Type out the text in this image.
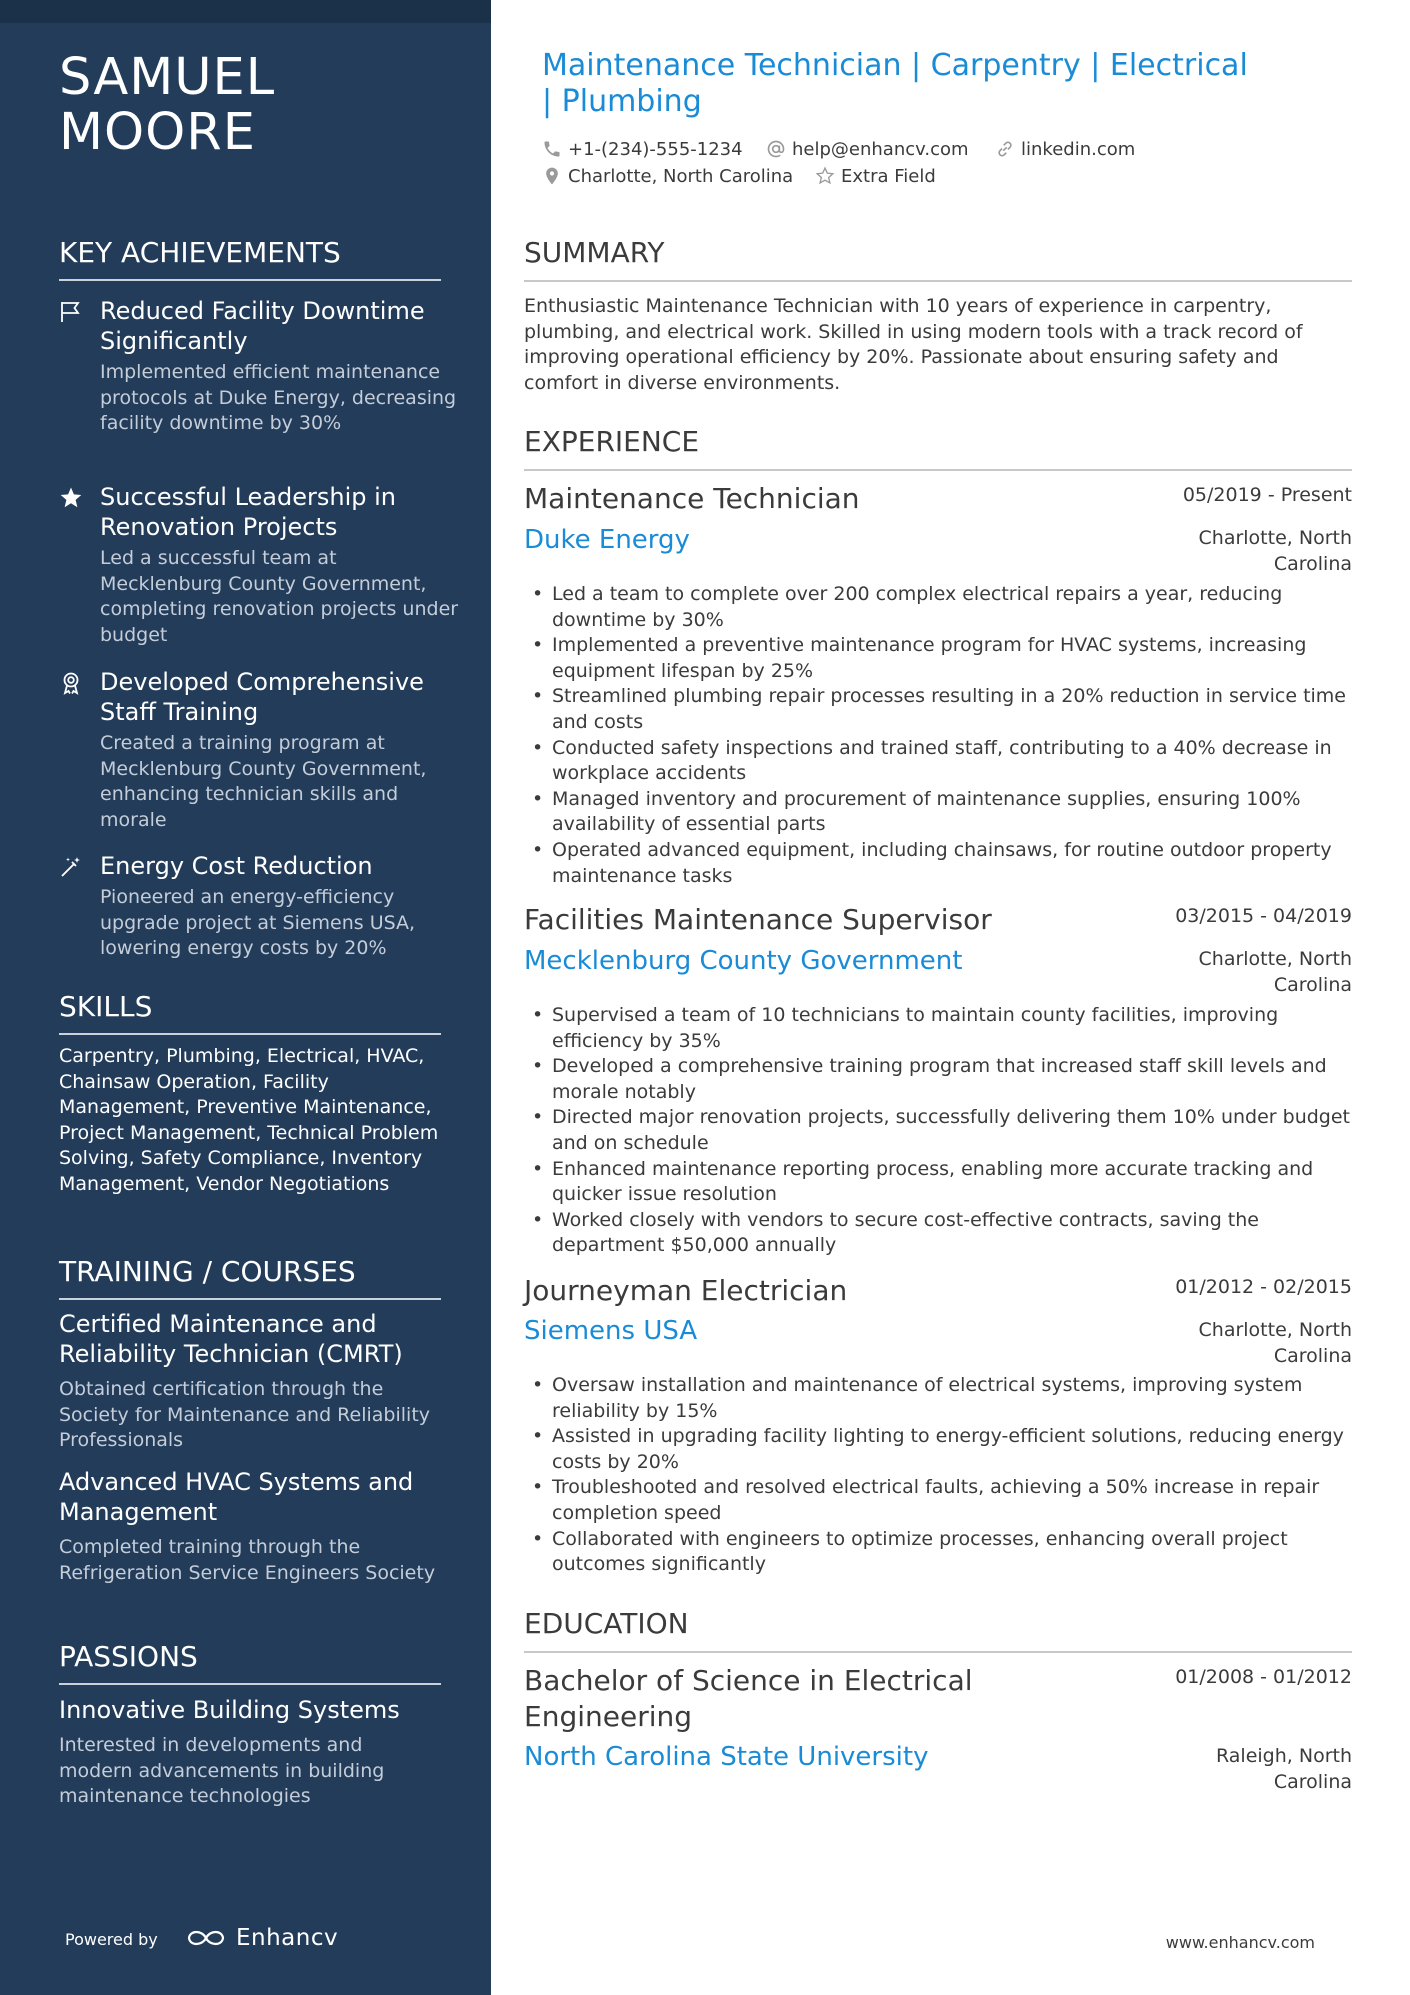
SAMUEL
MOORE
KEY ACHIEVEMENTS
Reduced Facility Downtime Significantly
Implemented efficient maintenance protocols at Duke Energy, decreasing facility downtime by 30%
Successful Leadership in Renovation Projects
Led a successful team at Mecklenburg County Government, completing renovation projects under budget
Developed Comprehensive Staff Training
Created a training program at Mecklenburg County Government, enhancing technician skills and morale
Energy Cost Reduction
Pioneered an energy-efficiency upgrade project at Siemens USA, lowering energy costs by 20%
SKILLS
Carpentry, Plumbing, Electrical, HVAC, Chainsaw Operation, Facility Management, Preventive Maintenance, Project Management, Technical Problem Solving, Safety Compliance, Inventory Management, Vendor Negotiations
TRAINING / COURSES
Certified Maintenance and Reliability Technician (CMRT)
Obtained certification through the Society for Maintenance and Reliability Professionals
Advanced HVAC Systems and Management
Completed training through the Refrigeration Service Engineers Society
PASSIONS
Innovative Building Systems
Interested in developments and modern advancements in building maintenance technologies
Powered by	Enhancv
Maintenance Technician | Carpentry | Electrical | Plumbing
+1-(234)-555-1234	help@enhancv.com	linkedin.com
Charlotte, North Carolina	Extra Field
SUMMARY
Enthusiastic Maintenance Technician with 10 years of experience in carpentry, plumbing, and electrical work. Skilled in using modern tools with a track record of improving operational efficiency by 20%. Passionate about ensuring safety and comfort in diverse environments.
EXPERIENCE
Maintenance Technician	05/2019 - Present
Duke Energy	Charlotte, North Carolina
• Led a team to complete over 200 complex electrical repairs a year, reducing downtime by 30%
• Implemented a preventive maintenance program for HVAC systems, increasing equipment lifespan by 25%
• Streamlined plumbing repair processes resulting in a 20% reduction in service time and costs
• Conducted safety inspections and trained staff, contributing to a 40% decrease in workplace accidents
• Managed inventory and procurement of maintenance supplies, ensuring 100% availability of essential parts
• Operated advanced equipment, including chainsaws, for routine outdoor property maintenance tasks
Facilities Maintenance Supervisor	03/2015 - 04/2019
Mecklenburg County Government	Charlotte, North Carolina
• Supervised a team of 10 technicians to maintain county facilities, improving efficiency by 35%
• Developed a comprehensive training program that increased staff skill levels and morale notably
• Directed major renovation projects, successfully delivering them 10% under budget and on schedule
• Enhanced maintenance reporting process, enabling more accurate tracking and quicker issue resolution
• Worked closely with vendors to secure cost-effective contracts, saving the department $50,000 annually
Journeyman Electrician	01/2012 - 02/2015
Siemens USA	Charlotte, North Carolina
• Oversaw installation and maintenance of electrical systems, improving system reliability by 15%
• Assisted in upgrading facility lighting to energy-efficient solutions, reducing energy costs by 20%
• Troubleshooted and resolved electrical faults, achieving a 50% increase in repair completion speed
• Collaborated with engineers to optimize processes, enhancing overall project outcomes significantly
EDUCATION
Bachelor of Science in Electrical Engineering
01/2008 - 01/2012
North Carolina State University	Raleigh, North Carolina
www.enhancv.com
